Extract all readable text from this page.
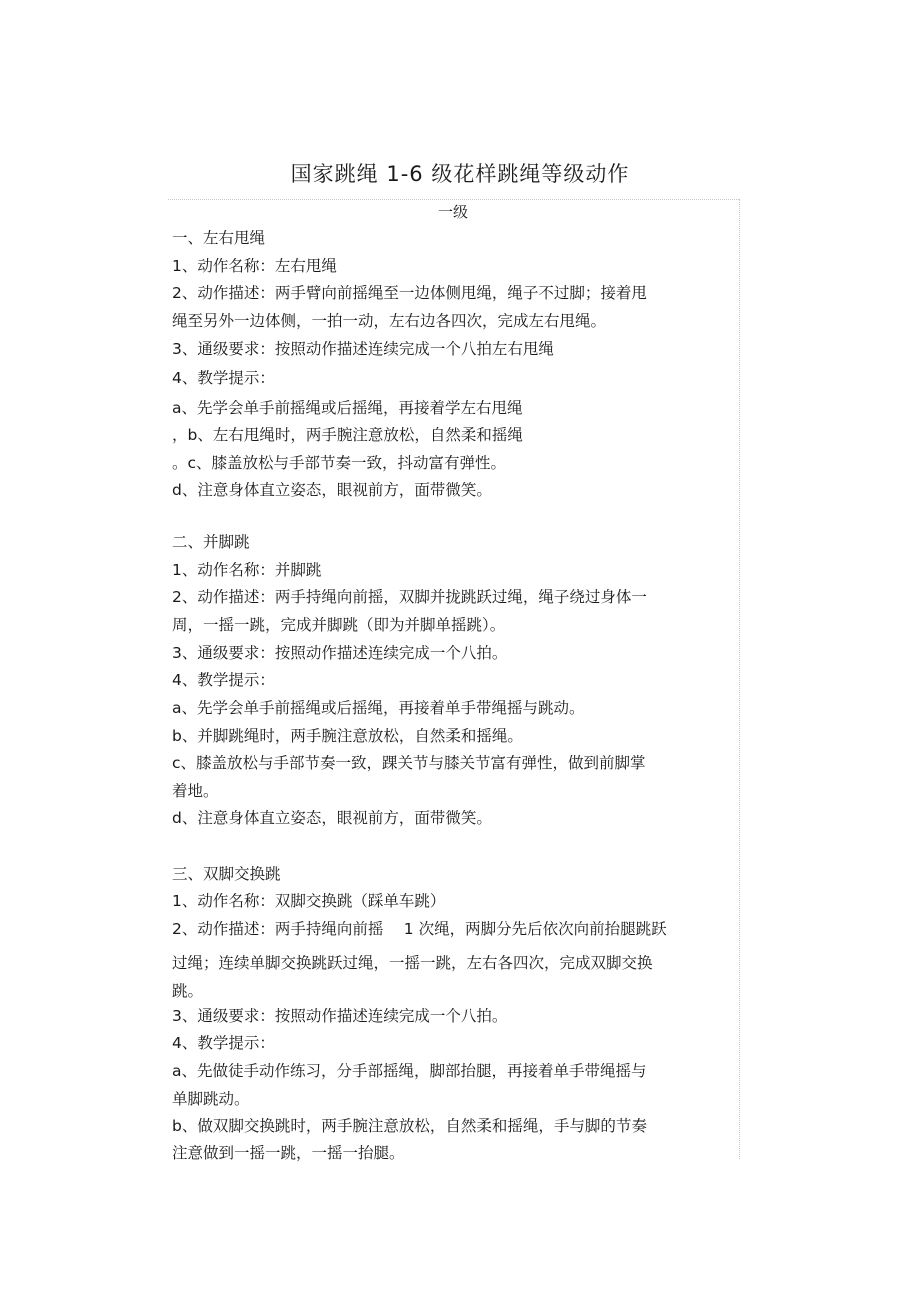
国家跳绳 1-6 级花样跳绳等级动作
一级
一、左右甩绳
1、动作名称：左右甩绳
2、动作描述：两手臂向前摇绳至一边体侧甩绳，绳子不过脚；接着甩
绳至另外一边体侧，一拍一动，左右边各四次，完成左右甩绳。
3、通级要求：按照动作描述连续完成一个八拍左右甩绳
4、教学提示：
a、先学会单手前摇绳或后摇绳，再接着学左右甩绳
，b、左右甩绳时，两手腕注意放松，自然柔和摇绳
。c、膝盖放松与手部节奏一致，抖动富有弹性。
d、注意身体直立姿态，眼视前方，面带微笑。
二、并脚跳
1、动作名称：并脚跳
2、动作描述：两手持绳向前摇，双脚并拢跳跃过绳，绳子绕过身体一
周，一摇一跳，完成并脚跳（即为并脚单摇跳）。
3、通级要求：按照动作描述连续完成一个八拍。
4、教学提示：
a、先学会单手前摇绳或后摇绳，再接着单手带绳摇与跳动。
b、并脚跳绳时，两手腕注意放松，自然柔和摇绳。
c、膝盖放松与手部节奏一致，踝关节与膝关节富有弹性，做到前脚掌
着地。
d、注意身体直立姿态，眼视前方，面带微笑。
三、双脚交换跳
1、动作名称：双脚交换跳（踩单车跳）
2、动作描述：两手持绳向前摇　 1 次绳，两脚分先后依次向前抬腿跳跃
过绳；连续单脚交换跳跃过绳，一摇一跳，左右各四次，完成双脚交换
跳。
3、通级要求：按照动作描述连续完成一个八拍。
4、教学提示：
a、先做徒手动作练习，分手部摇绳，脚部抬腿，再接着单手带绳摇与
单脚跳动。
b、做双脚交换跳时，两手腕注意放松，自然柔和摇绳，手与脚的节奏
注意做到一摇一跳，一摇一抬腿。
